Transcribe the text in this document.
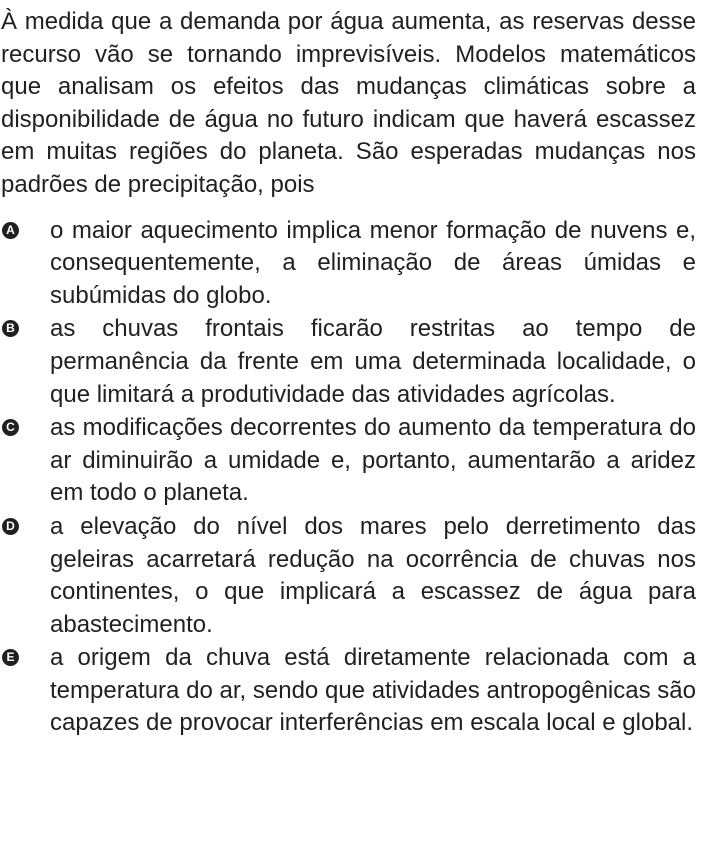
À medida que a demanda por água aumenta, as reservas desse recurso vão se tornando imprevisíveis. Modelos matemáticos que analisam os efeitos das mudanças climáticas sobre a disponibilidade de água no futuro indicam que haverá escassez em muitas regiões do planeta. São esperadas mudanças nos padrões de precipitação, pois

A o maior aquecimento implica menor formação de nuvens e, consequentemente, a eliminação de áreas úmidas e subúmidas do globo.
B as chuvas frontais ficarão restritas ao tempo de permanência da frente em uma determinada localidade, o que limitará a produtividade das atividades agrícolas.
C as modificações decorrentes do aumento da temperatura do ar diminuirão a umidade e, portanto, aumentarão a aridez em todo o planeta.
D a elevação do nível dos mares pelo derretimento das geleiras acarretará redução na ocorrência de chuvas nos continentes, o que implicará a escassez de água para abastecimento.
E a origem da chuva está diretamente relacionada com a temperatura do ar, sendo que atividades antropogênicas são capazes de provocar interferências em escala local e global.
